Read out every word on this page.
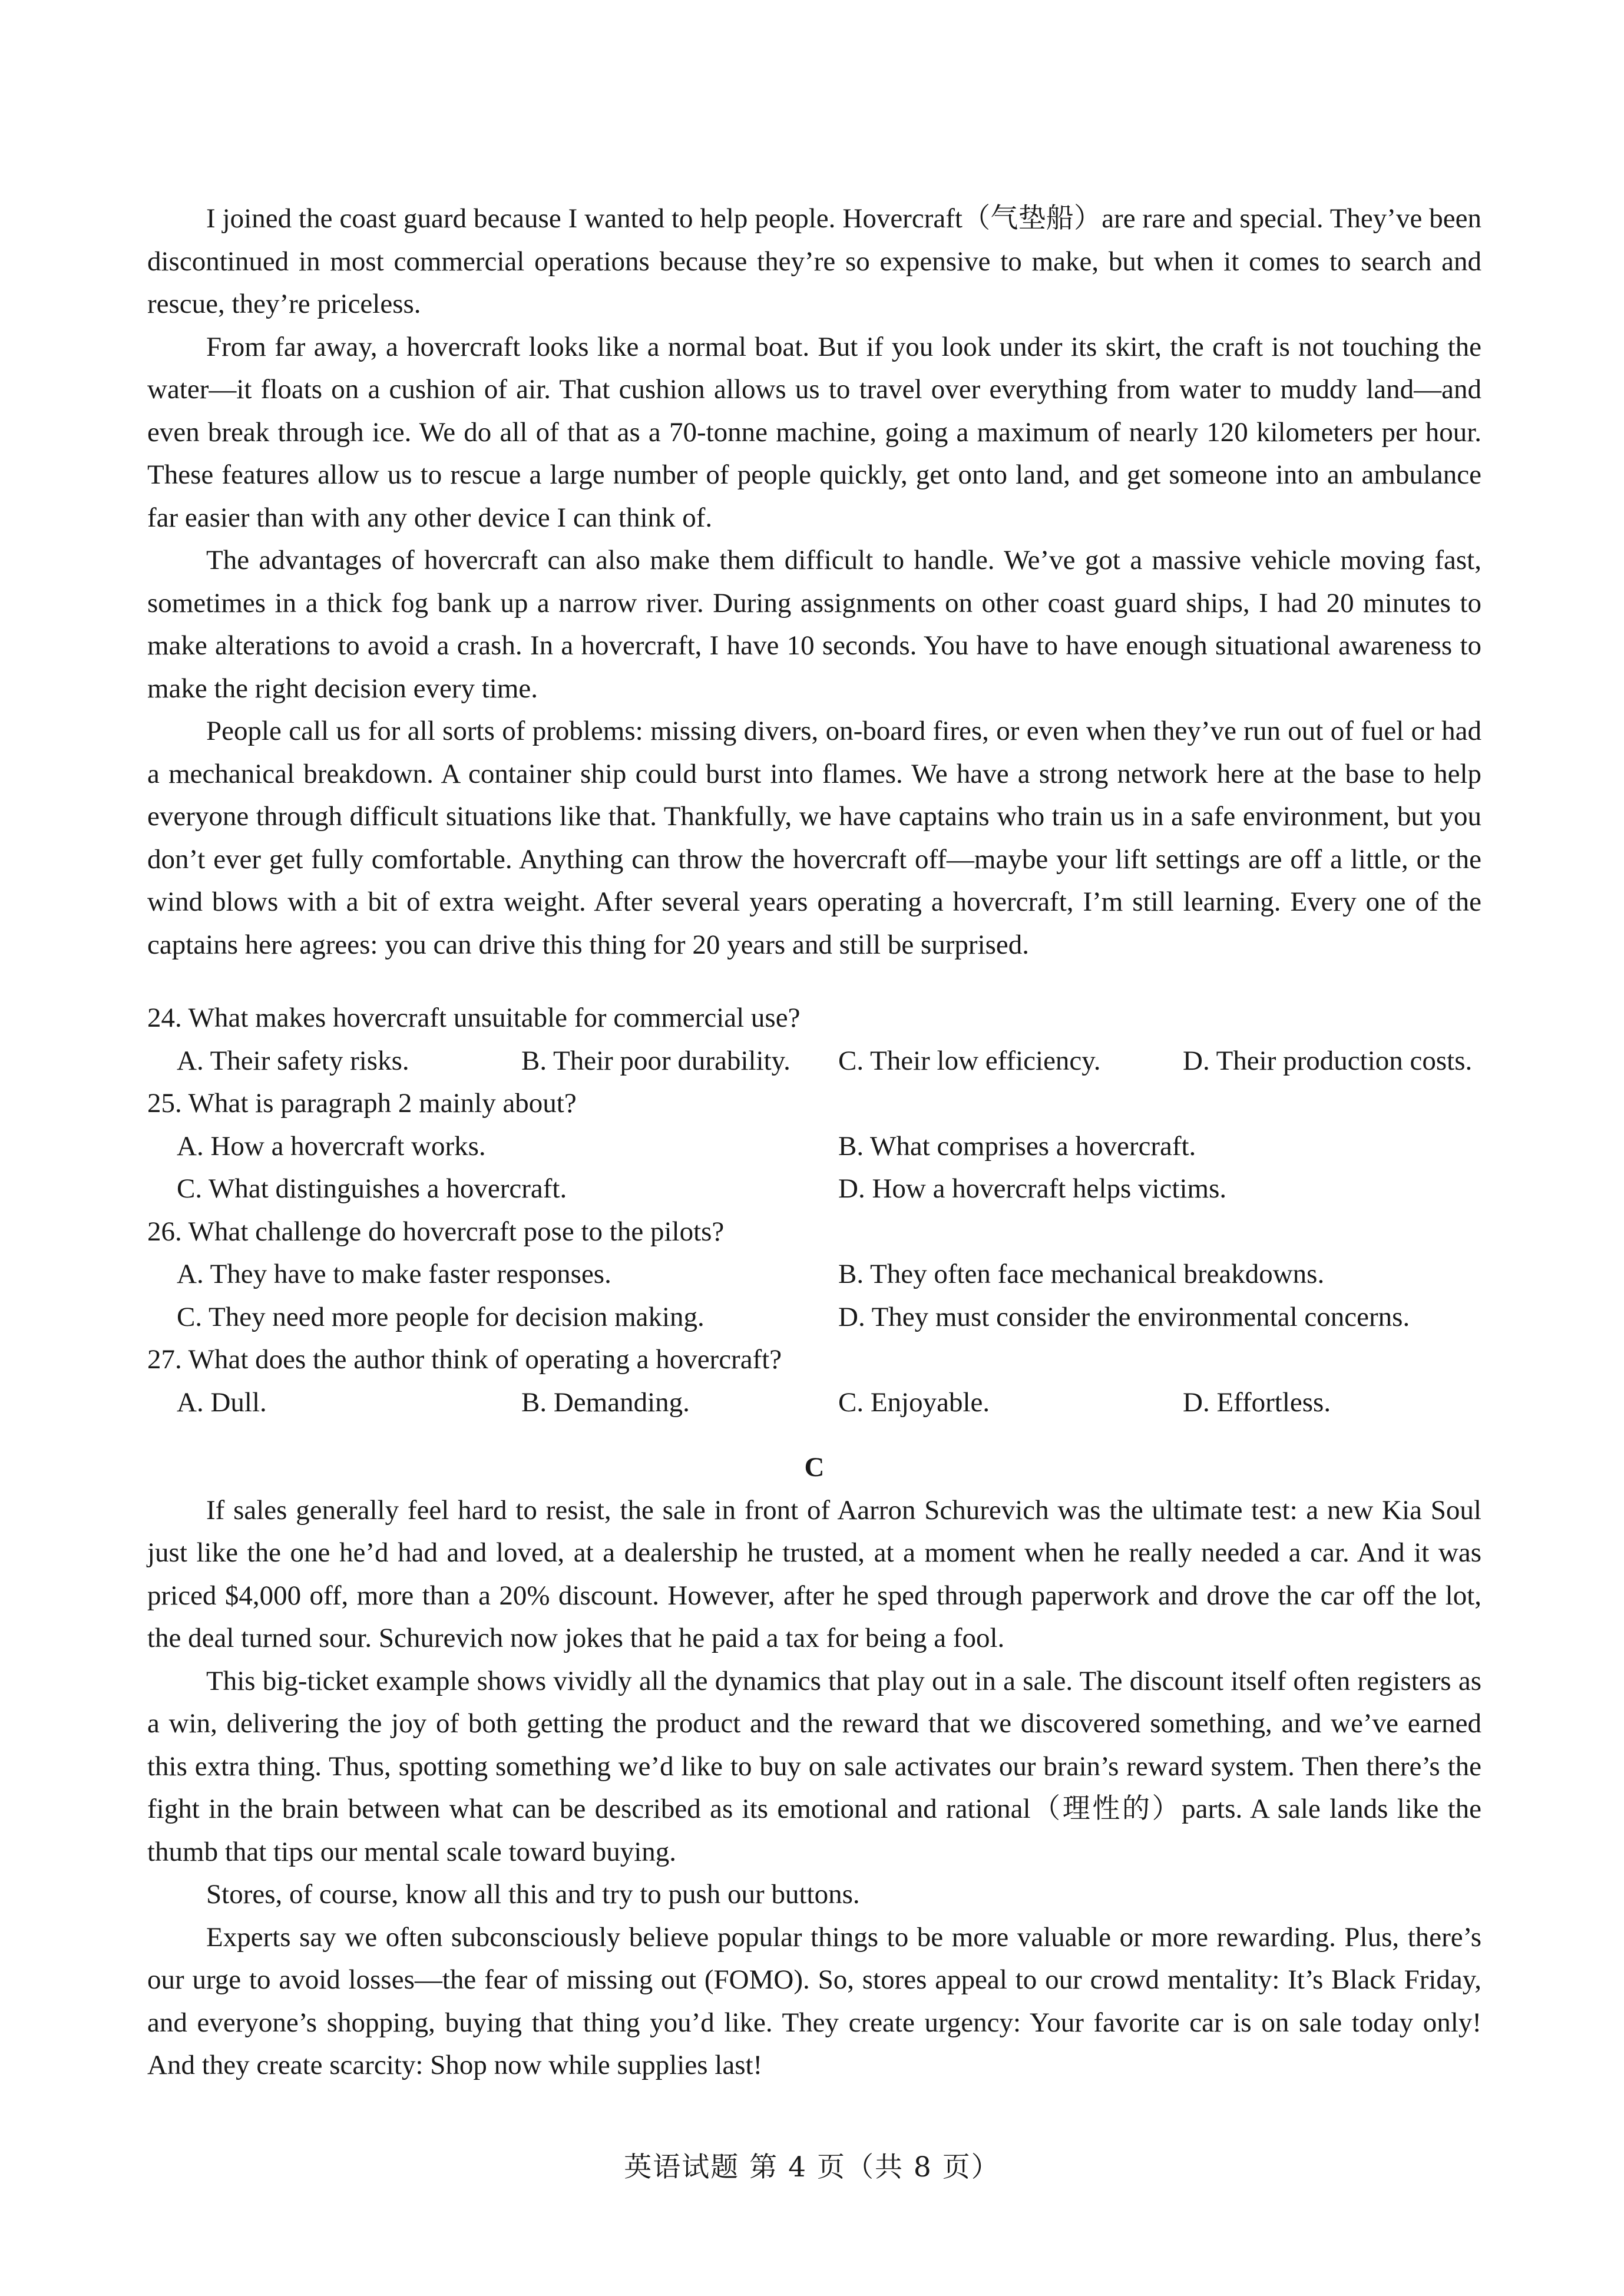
I joined the coast guard because I wanted to help people. Hovercraft（气垫船）are rare and special. They’ve been discontinued in most commercial operations because they’re so expensive to make, but when it comes to search and rescue, they’re priceless.

From far away, a hovercraft looks like a normal boat. But if you look under its skirt, the craft is not touching the water—it floats on a cushion of air. That cushion allows us to travel over everything from water to muddy land—and even break through ice. We do all of that as a 70-tonne machine, going a maximum of nearly 120 kilometers per hour. These features allow us to rescue a large number of people quickly, get onto land, and get someone into an ambulance far easier than with any other device I can think of.

The advantages of hovercraft can also make them difficult to handle. We’ve got a massive vehicle moving fast, sometimes in a thick fog bank up a narrow river. During assignments on other coast guard ships, I had 20 minutes to make alterations to avoid a crash. In a hovercraft, I have 10 seconds. You have to have enough situational awareness to make the right decision every time.

People call us for all sorts of problems: missing divers, on-board fires, or even when they’ve run out of fuel or had a mechanical breakdown. A container ship could burst into flames. We have a strong network here at the base to help everyone through difficult situations like that. Thankfully, we have captains who train us in a safe environment, but you don’t ever get fully comfortable. Anything can throw the hovercraft off—maybe your lift settings are off a little, or the wind blows with a bit of extra weight. After several years operating a hovercraft, I’m still learning. Every one of the captains here agrees: you can drive this thing for 20 years and still be surprised.

24. What makes hovercraft unsuitable for commercial use?

A. Their safety risks.	B. Their poor durability.	C. Their low efficiency.	D. Their production costs.

25. What is paragraph 2 mainly about?

A. How a hovercraft works.	B. What comprises a hovercraft.
C. What distinguishes a hovercraft.	D. How a hovercraft helps victims.

26. What challenge do hovercraft pose to the pilots?

A. They have to make faster responses.	B. They often face mechanical breakdowns.
C. They need more people for decision making.	D. They must consider the environmental concerns.

27. What does the author think of operating a hovercraft?

A. Dull.	B. Demanding.	C. Enjoyable.	D. Effortless.
C

If sales generally feel hard to resist, the sale in front of Aarron Schurevich was the ultimate test: a new Kia Soul just like the one he’d had and loved, at a dealership he trusted, at a moment when he really needed a car. And it was priced $4,000 off, more than a 20% discount. However, after he sped through paperwork and drove the car off the lot, the deal turned sour. Schurevich now jokes that he paid a tax for being a fool.

This big-ticket example shows vividly all the dynamics that play out in a sale. The discount itself often registers as a win, delivering the joy of both getting the product and the reward that we discovered something, and we’ve earned this extra thing. Thus, spotting something we’d like to buy on sale activates our brain’s reward system. Then there’s the fight in the brain between what can be described as its emotional and rational（理性的）parts. A sale lands like the thumb that tips our mental scale toward buying.

Stores, of course, know all this and try to push our buttons.

Experts say we often subconsciously believe popular things to be more valuable or more rewarding. Plus, there’s our urge to avoid losses—the fear of missing out (FOMO). So, stores appeal to our crowd mentality: It’s Black Friday, and everyone’s shopping, buying that thing you’d like. They create urgency: Your favorite car is on sale today only! And they create scarcity: Shop now while supplies last!

英语试题 第 4 页（共 8 页）
